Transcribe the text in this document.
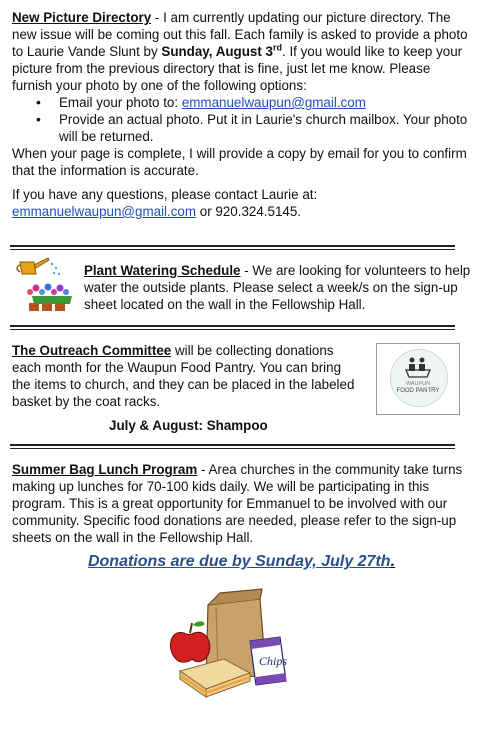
New Picture Directory - I am currently updating our picture directory. The new issue will be coming out this fall. Each family is asked to provide a photo to Laurie Vande Slunt by Sunday, August 3rd. If you would like to keep your picture from the previous directory that is fine, just let me know. Please furnish your photo by one of the following options:

• Email your photo to: emmanuelwaupun@gmail.com
• Provide an actual photo. Put it in Laurie's church mailbox. Your photo will be returned.

When your page is complete, I will provide a copy by email for you to confirm that the information is accurate.

If you have any questions, please contact Laurie at:
emmanuelwaupun@gmail.com or 920.324.5145.

Plant Watering Schedule - We are looking for volunteers to help water the outside plants. Please select a week/s on the sign-up sheet located on the wall in the Fellowship Hall.

The Outreach Committee will be collecting donations each month for the Waupun Food Pantry. You can bring the items to church, and they can be placed in the labeled basket by the coat racks.

July & August: Shampoo

WAUPUN
FOOD PANTRY

Summer Bag Lunch Program - Area churches in the community take turns making up lunches for 70-100 kids daily. We will be participating in this program. This is a great opportunity for Emmanuel to be involved with our community. Specific food donations are needed, please refer to the sign-up sheets on the wall in the Fellowship Hall.

Donations are due by Sunday, July 27th.
Chips
